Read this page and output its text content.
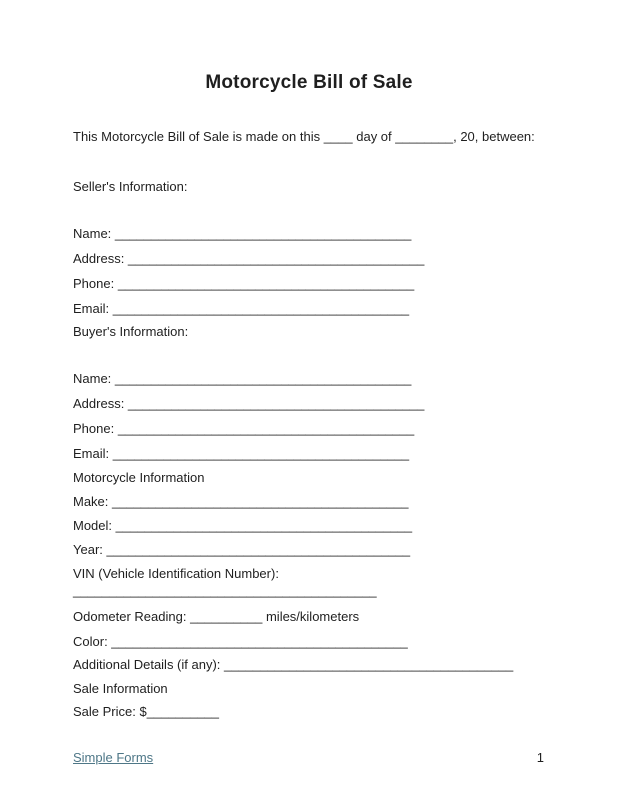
Motorcycle Bill of Sale
This Motorcycle Bill of Sale is made on this ____ day of ________, 20, between:
Seller's Information:
Name: _________________________________________
Address: _________________________________________
Phone: _________________________________________
Email: _________________________________________
Buyer's Information:
Name: _________________________________________
Address: _________________________________________
Phone: _________________________________________
Email: _________________________________________
Motorcycle Information
Make: _________________________________________
Model: _________________________________________
Year: __________________________________________
VIN (Vehicle Identification Number):
__________________________________________
Odometer Reading: __________ miles/kilometers
Color: _________________________________________
Additional Details (if any): ________________________________________
Sale Information
Sale Price: $__________
Simple Forms	1
